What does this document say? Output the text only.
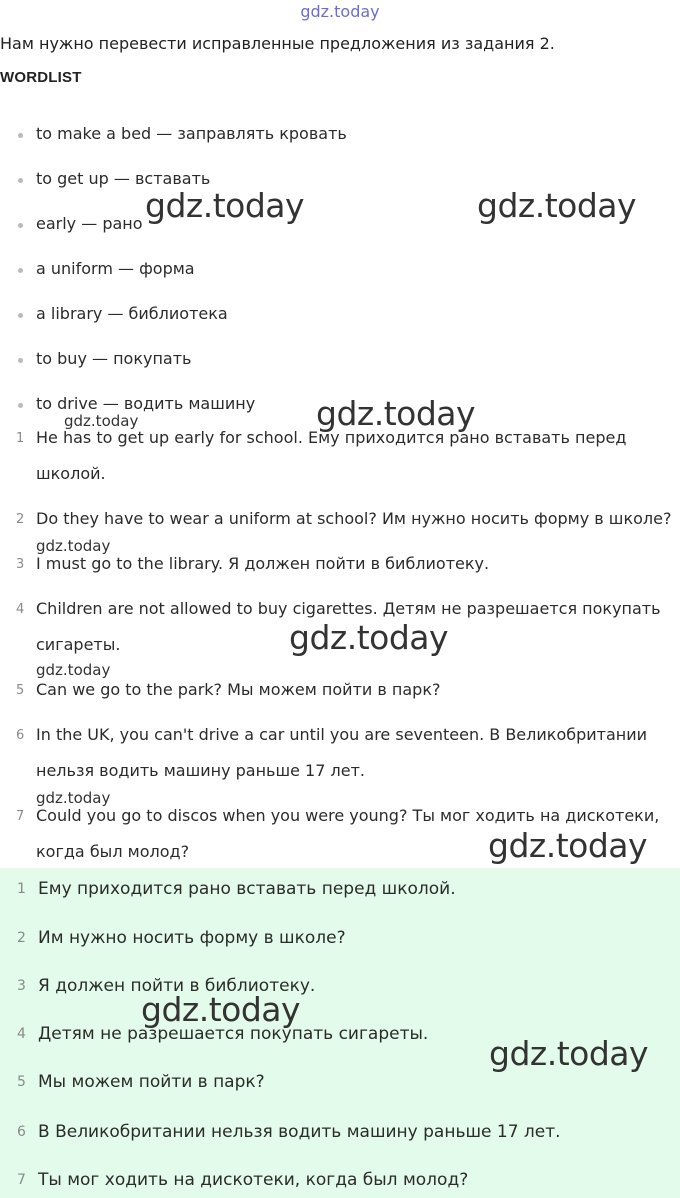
gdz.today
Нам нужно перевести исправленные предложения из задания 2.
WORDLIST
to make a bed — заправлять кровать
to get up — вставать
early — рано
a uniform — форма
a library — библиотека
to buy — покупать
to drive — водить машину
1 He has to get up early for school. Ему приходится рано вставать перед
школой.
2 Do they have to wear a uniform at school? Им нужно носить форму в школе?
3 I must go to the library. Я должен пойти в библиотеку.
4 Children are not allowed to buy cigarettes. Детям не разрешается покупать
сигареты.
5 Can we go to the park? Мы можем пойти в парк?
6 In the UK, you can't drive a car until you are seventeen. В Великобритании
нельзя водить машину раньше 17 лет.
7 Could you go to discos when you were young? Ты мог ходить на дискотеки,
когда был молод?
1 Ему приходится рано вставать перед школой.
2 Им нужно носить форму в школе?
3 Я должен пойти в библиотеку.
4 Детям не разрешается покупать сигареты.
5 Мы можем пойти в парк?
6 В Великобритании нельзя водить машину раньше 17 лет.
7 Ты мог ходить на дискотеки, когда был молод?
gdz.today	gdz.today
gdz.today
gdz.today
gdz.today
gdz.today
gdz.today
gdz.today
gdz.today
gdz.today
gdz.today
